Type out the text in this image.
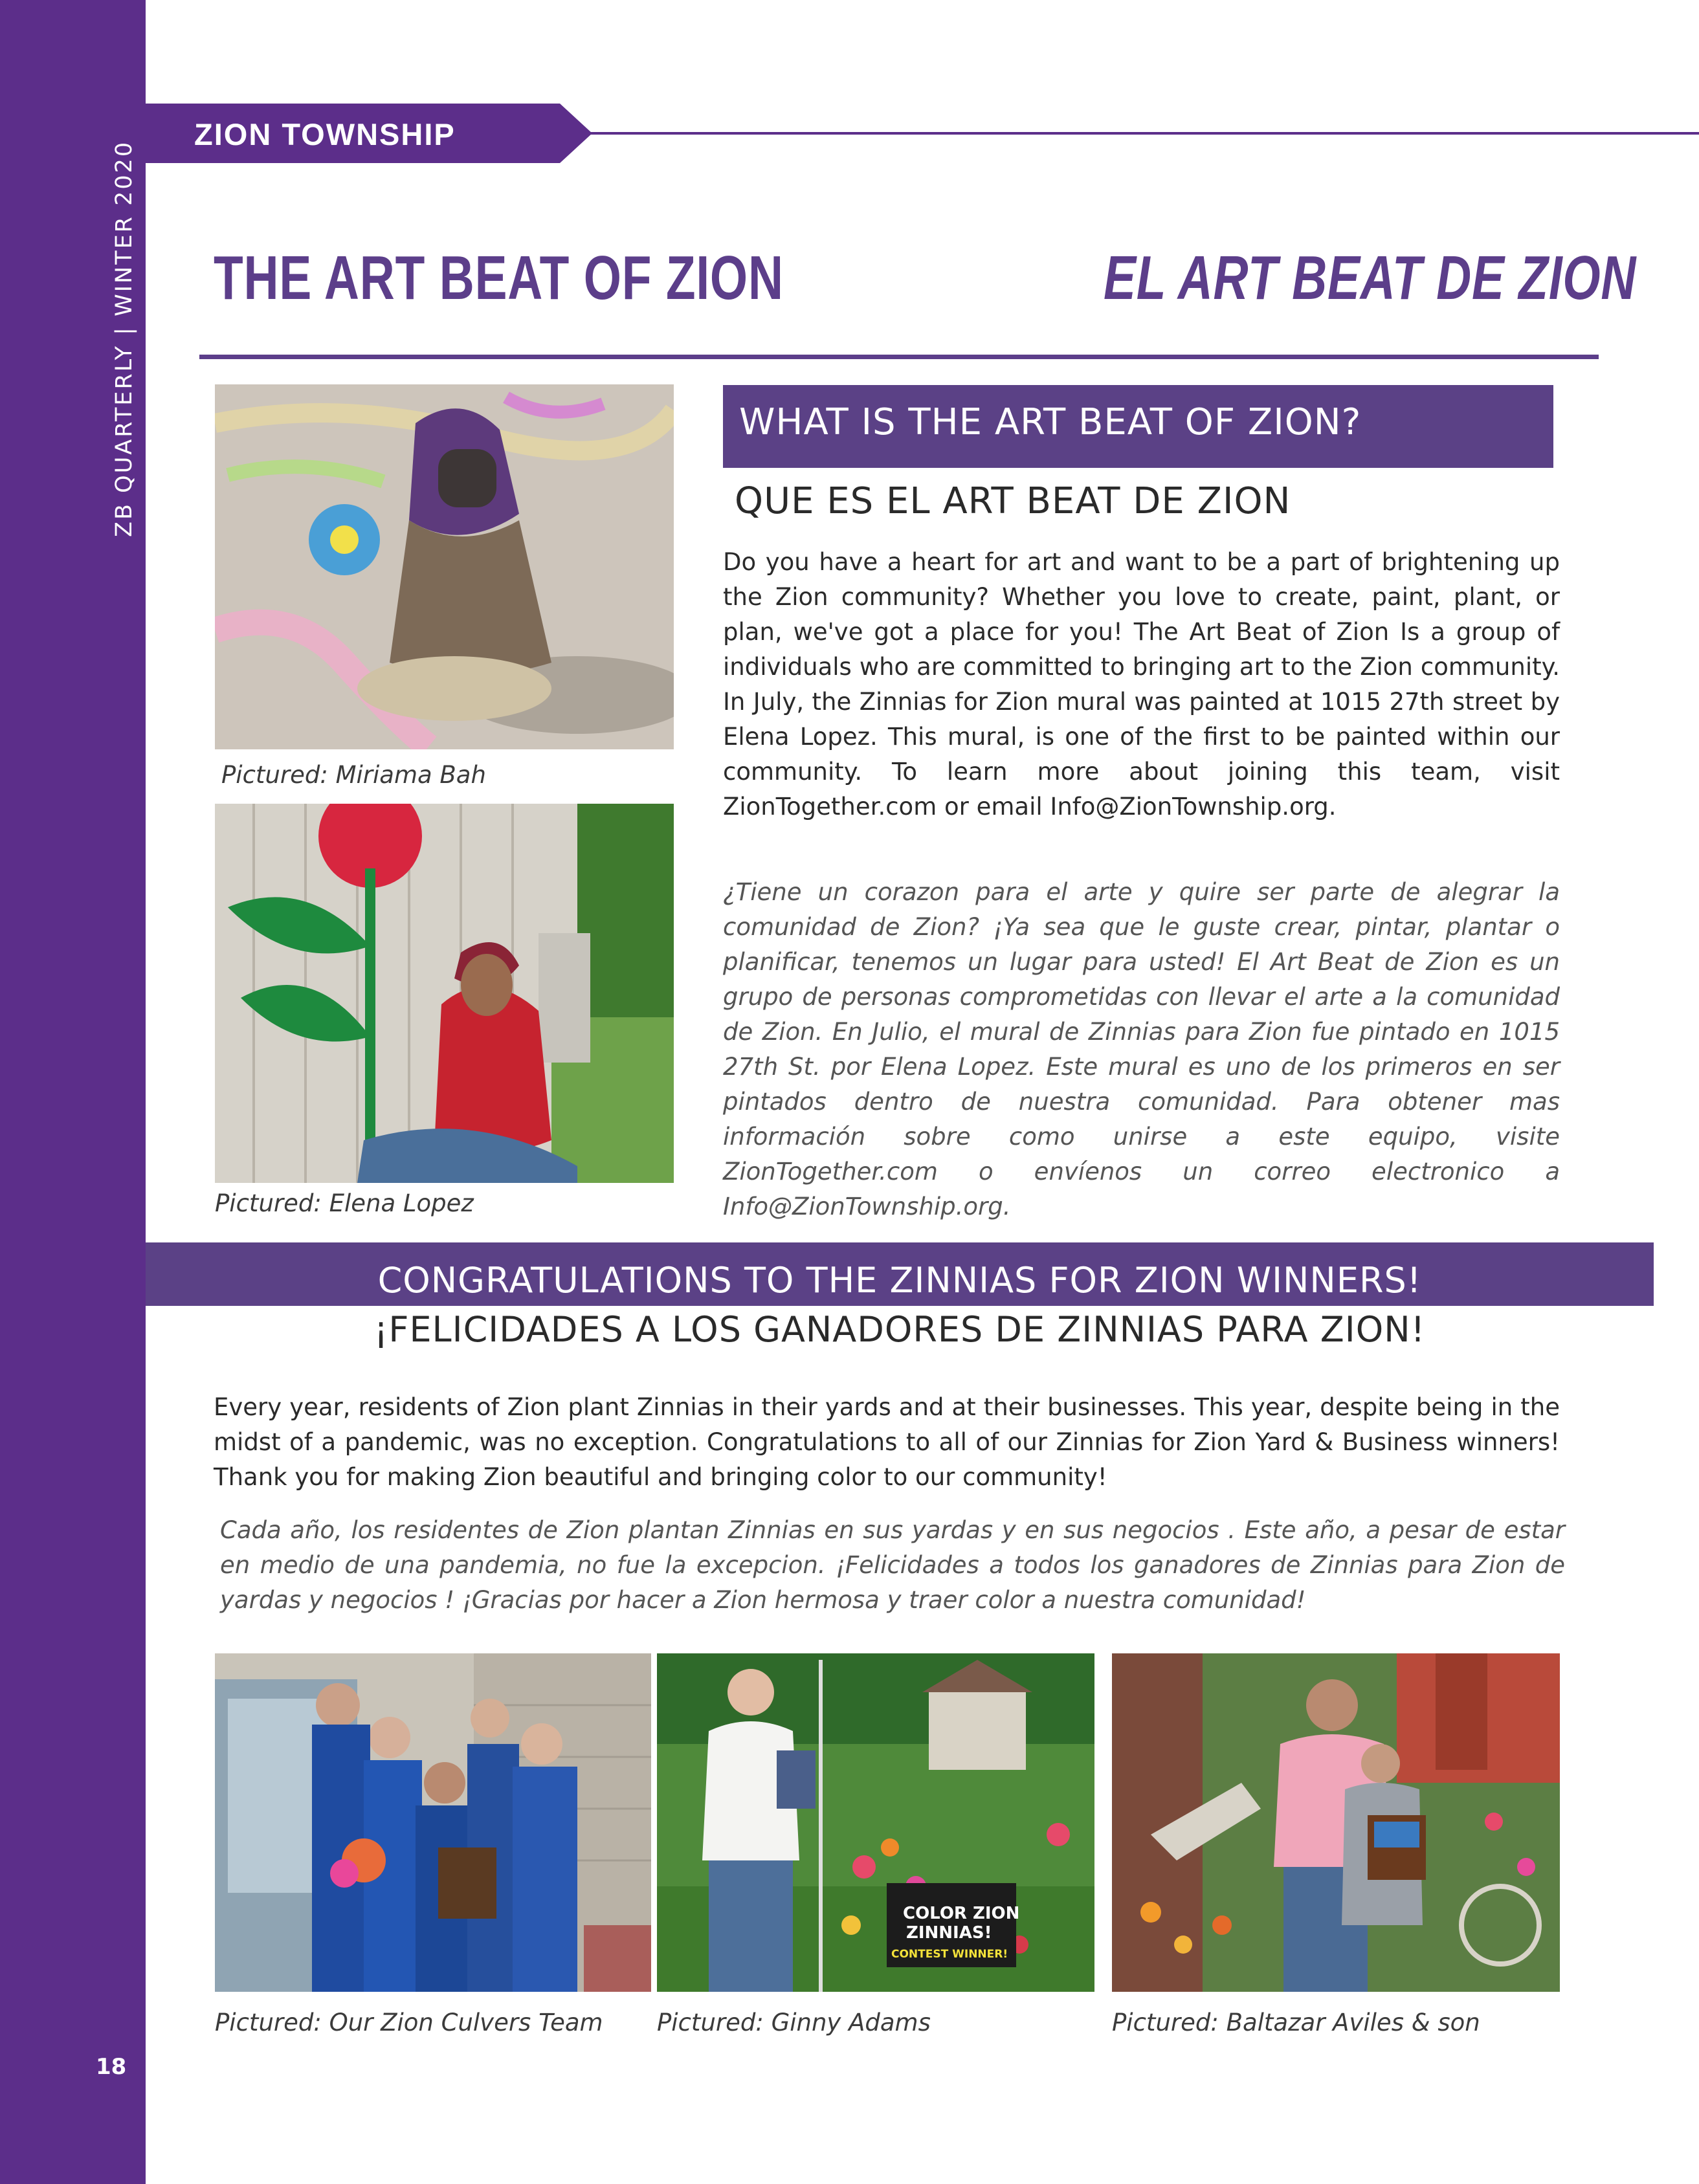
ZB QUARTERLY | WINTER 2020
18
ZION TOWNSHIP
THE ART BEAT OF ZION	EL ART BEAT DE ZION
Pictured: Miriama Bah
Pictured: Elena Lopez
WHAT IS THE ART BEAT OF ZION?
QUE ES EL ART BEAT DE ZION

Do you have a heart for art and want to be a part of brightening up the Zion community? Whether you love to create, paint, plant, or plan, we've got a place for you! The Art Beat of Zion Is a group of individuals who are committed to bringing art to the Zion community. In July, the Zinnias for Zion mural was painted at 1015 27th street by Elena Lopez. This mural, is one of the first to be painted within our community. To learn more about joining this team, visit ZionTogether.com or email Info@ZionTownship.org.

¿Tiene un corazon para el arte y quire ser parte de alegrar la comunidad de Zion? ¡Ya sea que le guste crear, pintar, plantar o planificar, tenemos un lugar para usted! El Art Beat de Zion es un grupo de personas comprometidas con llevar el arte a la comunidad de Zion. En Julio, el mural de Zinnias para Zion fue pintado en 1015 27th St. por Elena Lopez. Este mural es uno de los primeros en ser pintados dentro de nuestra comunidad. Para obtener mas información sobre como unirse a este equipo, visite ZionTogether.com o envíenos un correo electronico a Info@ZionTownship.org.

CONGRATULATIONS TO THE ZINNIAS FOR ZION WINNERS!
¡FELICIDADES A LOS GANADORES DE ZINNIAS PARA ZION!

Every year, residents of Zion plant Zinnias in their yards and at their businesses. This year, despite being in the midst of a pandemic, was no exception. Congratulations to all of our Zinnias for Zion Yard & Business winners! Thank you for making Zion beautiful and bringing color to our community!

Cada año, los residentes de Zion plantan Zinnias en sus yardas y en sus negocios . Este año, a pesar de estar en medio de una pandemia, no fue la excepcion. ¡Felicidades a todos los ganadores de Zinnias para Zion de yardas y negocios ! ¡Gracias por hacer a Zion hermosa y traer color a nuestra comunidad!

Pictured: Our Zion Culvers Team
COLOR ZION
ZINNIAS!
CONTEST WINNER!
Pictured: Ginny Adams	Pictured: Baltazar Aviles & son
